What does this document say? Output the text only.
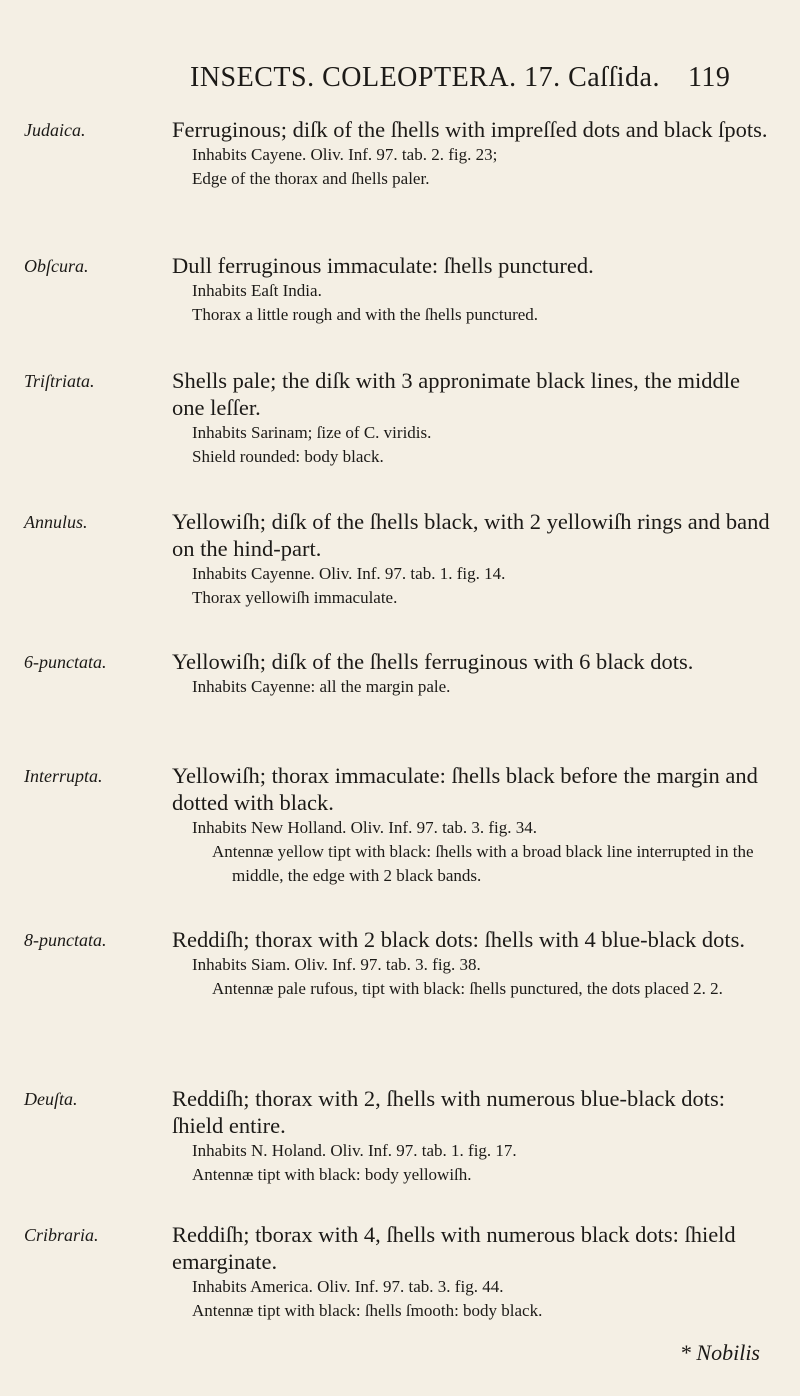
INSECTS. COLEOPTERA. 17. Caſſida. 119
Judaica.	Ferruginous; diſk of the ſhells with impreſſed dots and black ſpots.
Inhabits Cayene. Oliv. Inf. 97. tab. 2. fig. 23;
Edge of the thorax and ſhells paler.
Obſcura.	Dull ferruginous immaculate: ſhells punctured.
Inhabits Eaſt India.
Thorax a little rough and with the ſhells punctured.
Triſtriata.	Shells pale; the diſk with 3 appronimate black lines, the middle one leſſer.
Inhabits Sarinam; ſize of C. viridis.
Shield rounded: body black.
Annulus.	Yellowiſh; diſk of the ſhells black, with 2 yellowiſh rings and band on the hind-part.
Inhabits Cayenne. Oliv. Inf. 97. tab. 1. fig. 14.
Thorax yellowiſh immaculate.
6-punctata.	Yellowiſh; diſk of the ſhells ferruginous with 6 black dots.
Inhabits Cayenne: all the margin pale.
Interrupta.	Yellowiſh; thorax immaculate: ſhells black before the margin and dotted with black.
Inhabits New Holland. Oliv. Inf. 97. tab. 3. fig. 34.
Antennæ yellow tipt with black: ſhells with a broad black line interrupted in the middle, the edge with 2 black bands.
8-punctata.	Reddiſh; thorax with 2 black dots: ſhells with 4 blue-black dots.
Inhabits Siam. Oliv. Inf. 97. tab. 3. fig. 38.
Antennæ pale rufous, tipt with black: ſhells punctured, the dots placed 2. 2.
Deuſta.	Reddiſh; thorax with 2, ſhells with numerous blue-black dots: ſhield entire.
Inhabits N. Holand. Oliv. Inf. 97. tab. 1. fig. 17.
Antennæ tipt with black: body yellowiſh.
Cribraria.	Reddiſh; tborax with 4, ſhells with numerous black dots: ſhield emarginate.
Inhabits America. Oliv. Inf. 97. tab. 3. fig. 44.
Antennæ tipt with black: ſhells ſmooth: body black.
* Nobilis
